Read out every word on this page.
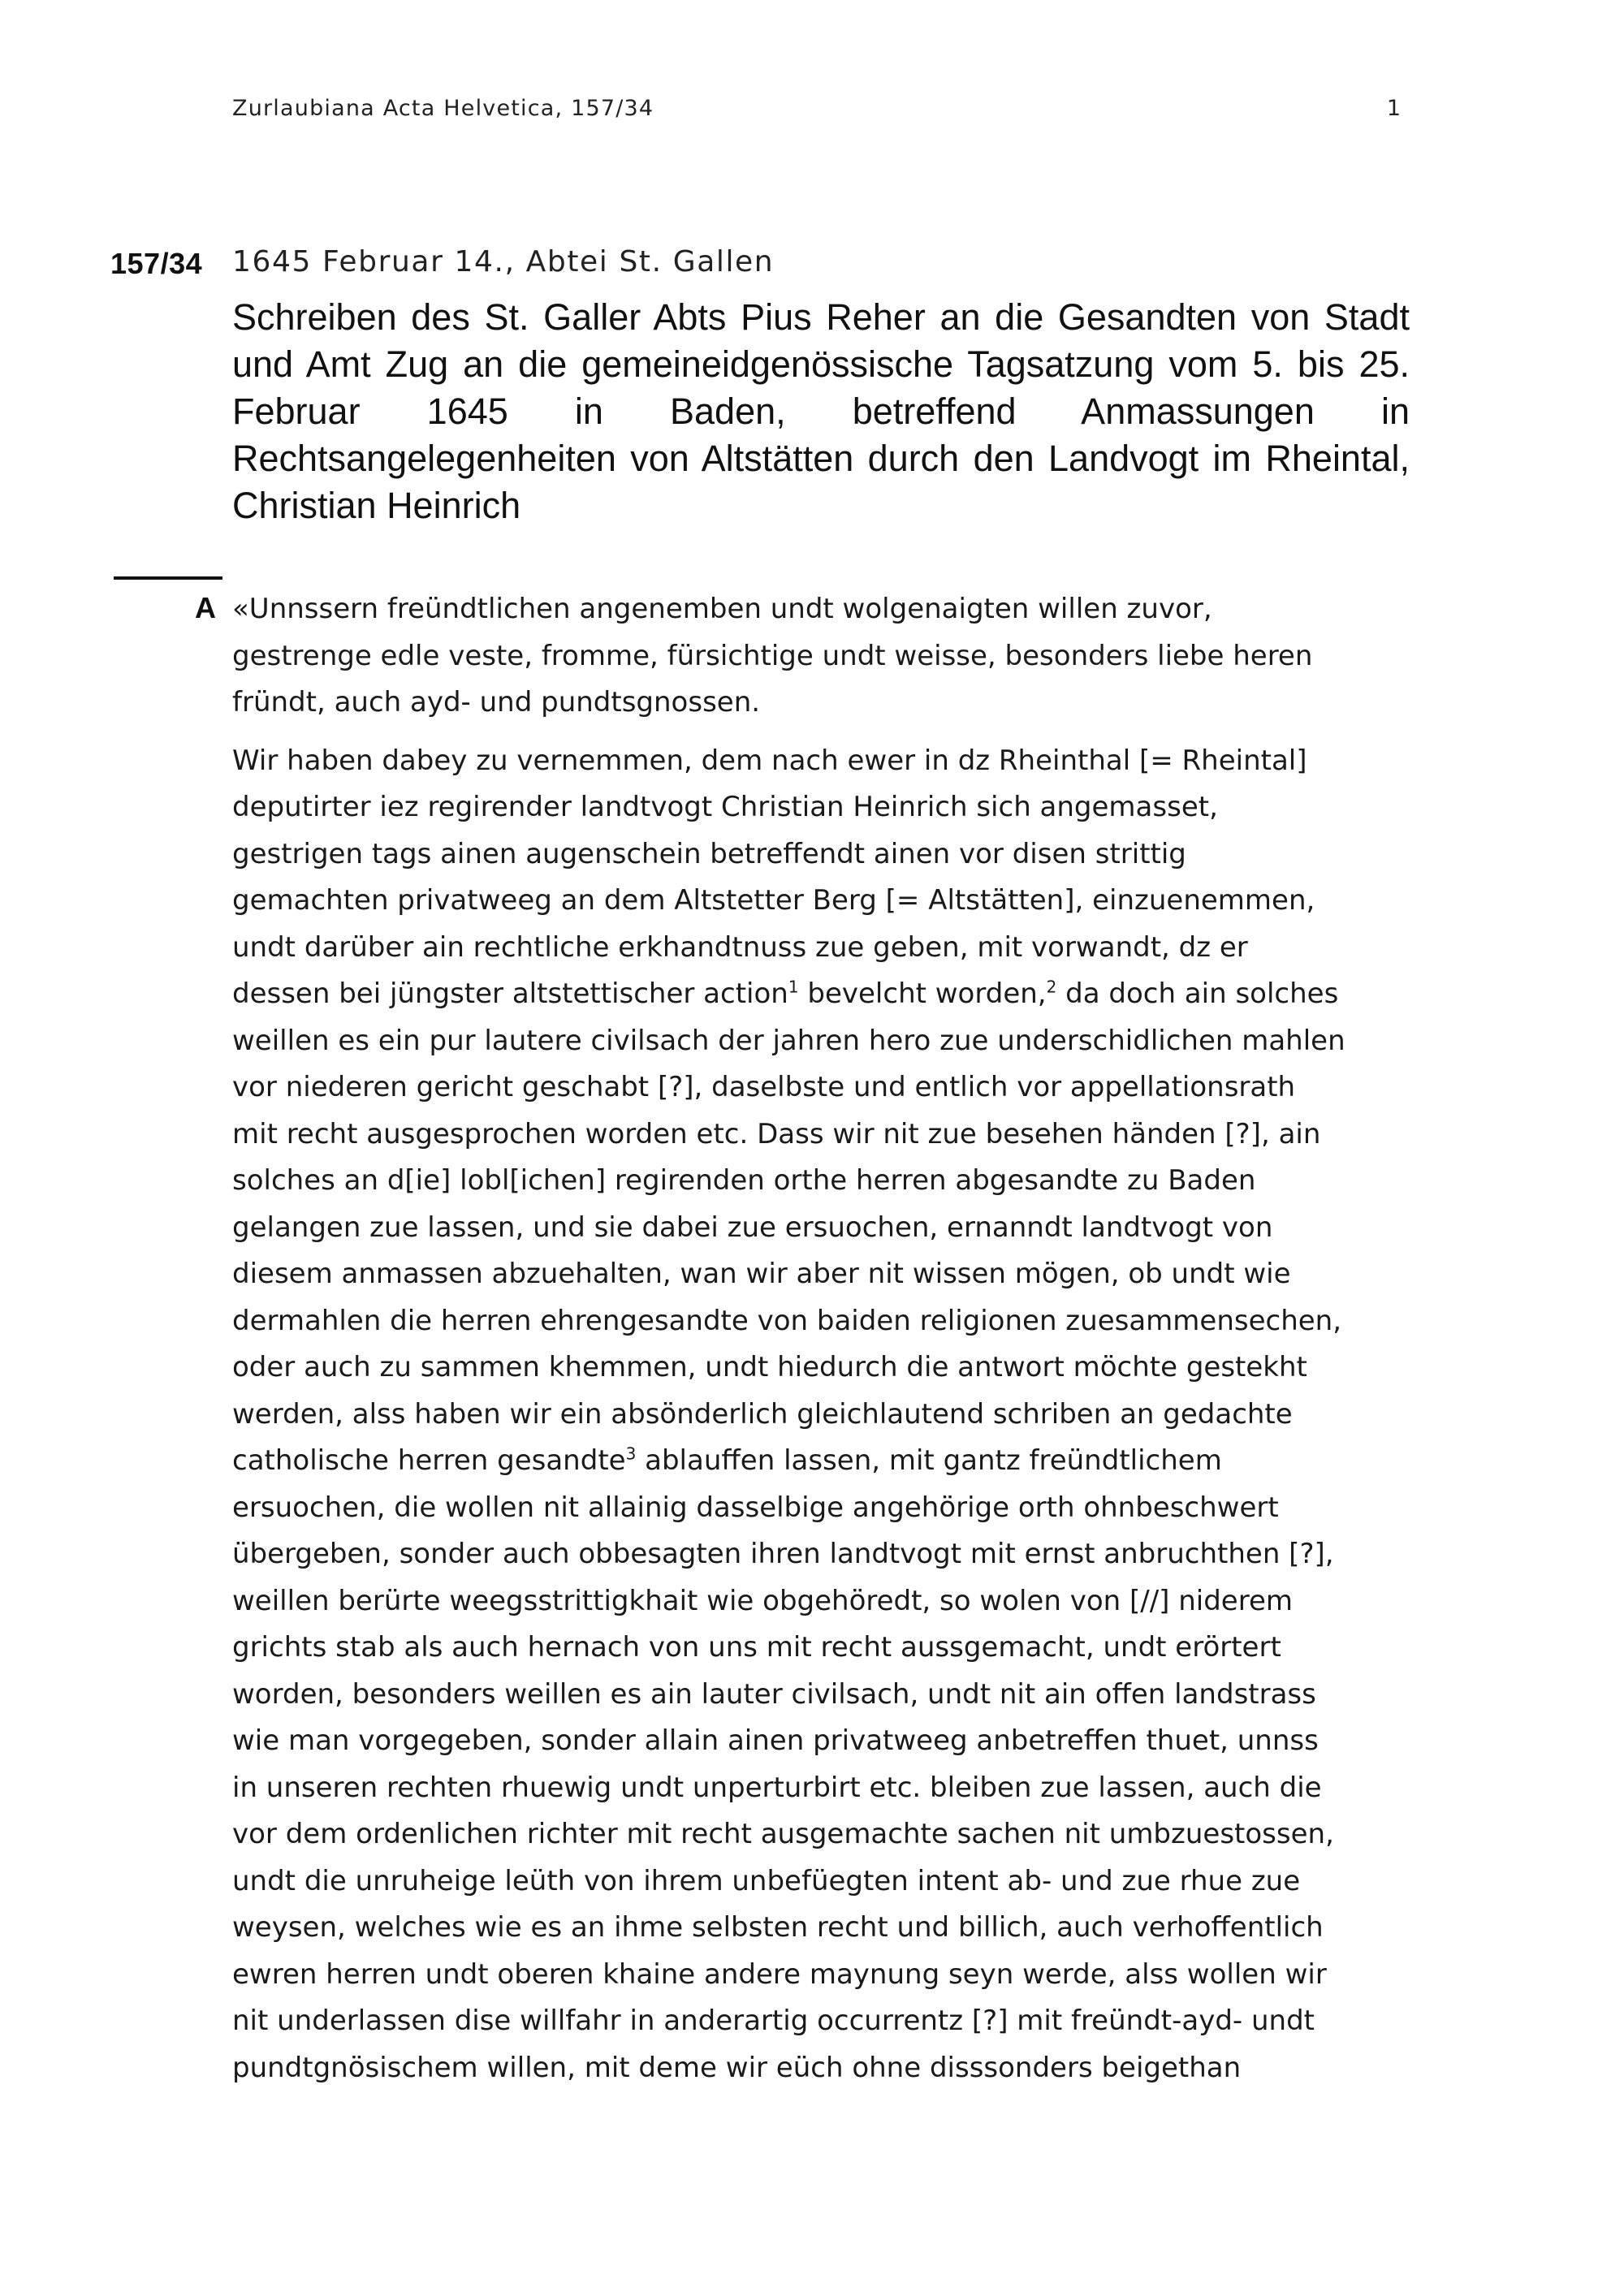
Zurlaubiana Acta Helvetica, 157/34	1
157/34 1645 Februar 14., Abtei St. Gallen
Schreiben des St. Galler Abts Pius Reher an die Gesandten von Stadt und Amt Zug an die gemeineidgenössische Tagsatzung vom 5. bis 25. Februar 1645 in Baden, betreffend Anmassungen in Rechtsangelegenheiten von Altstätten durch den Landvogt im Rheintal, Christian Heinrich
A «Unnssern freündtlichen angenemben undt wolgenaigten willen zuvor,
gestrenge edle veste, fromme, fürsichtige undt weisse, besonders liebe heren
fründt, auch ayd- und pundtsgnossen.

Wir haben dabey zu vernemmen, dem nach ewer in dz Rheinthal [= Rheintal]
deputirter iez regirender landtvogt Christian Heinrich sich angemasset,
gestrigen tags ainen augenschein betreffendt ainen vor disen strittig
gemachten privatweeg an dem Altstetter Berg [= Altstätten], einzuenemmen,
undt darüber ain rechtliche erkhandtnuss zue geben, mit vorwandt, dz er
dessen bei jüngster altstettischer action$^1$ bevelcht worden,$^2$ da doch ain solches
weillen es ein pur lautere civilsach der jahren hero zue underschidlichen mahlen
vor niederen gericht geschabt [?], daselbste und entlich vor appellationsrath
mit recht ausgesprochen worden etc. Dass wir nit zue besehen händen [?], ain
solches an d[ie] lobl[ichen] regirenden orthe herren abgesandte zu Baden
gelangen zue lassen, und sie dabei zue ersuochen, ernanndt landtvogt von
diesem anmassen abzuehalten, wan wir aber nit wissen mögen, ob undt wie
dermahlen die herren ehrengesandte von baiden religionen zuesammensechen,
oder auch zu sammen khemmen, undt hiedurch die antwort möchte gestekht
werden, alss haben wir ein absönderlich gleichlautend schriben an gedachte
catholische herren gesandte$^3$ ablauffen lassen, mit gantz freündtlichem
ersuochen, die wollen nit allainig dasselbige angehörige orth ohnbeschwert
übergeben, sonder auch obbesagten ihren landtvogt mit ernst anbruchthen [?],
weillen berürte weegsstrittigkhait wie obgehöredt, so wolen von [//] niderem
grichts stab als auch hernach von uns mit recht aussgemacht, undt erörtert
worden, besonders weillen es ain lauter civilsach, undt nit ain offen landstrass
wie man vorgegeben, sonder allain ainen privatweeg anbetreffen thuet, unnss
in unseren rechten rhuewig undt unperturbirt etc. bleiben zue lassen, auch die
vor dem ordenlichen richter mit recht ausgemachte sachen nit umbzuestossen,
undt die unruheige leüth von ihrem unbefüegten intent ab- und zue rhue zue
weysen, welches wie es an ihme selbsten recht und billich, auch verhoffentlich
ewren herren undt oberen khaine andere maynung seyn werde, alss wollen wir
nit underlassen dise willfahr in anderartig occurrentz [?] mit freündt-ayd- undt
pundtgnösischem willen, mit deme wir eüch ohne disssonders beigethan
